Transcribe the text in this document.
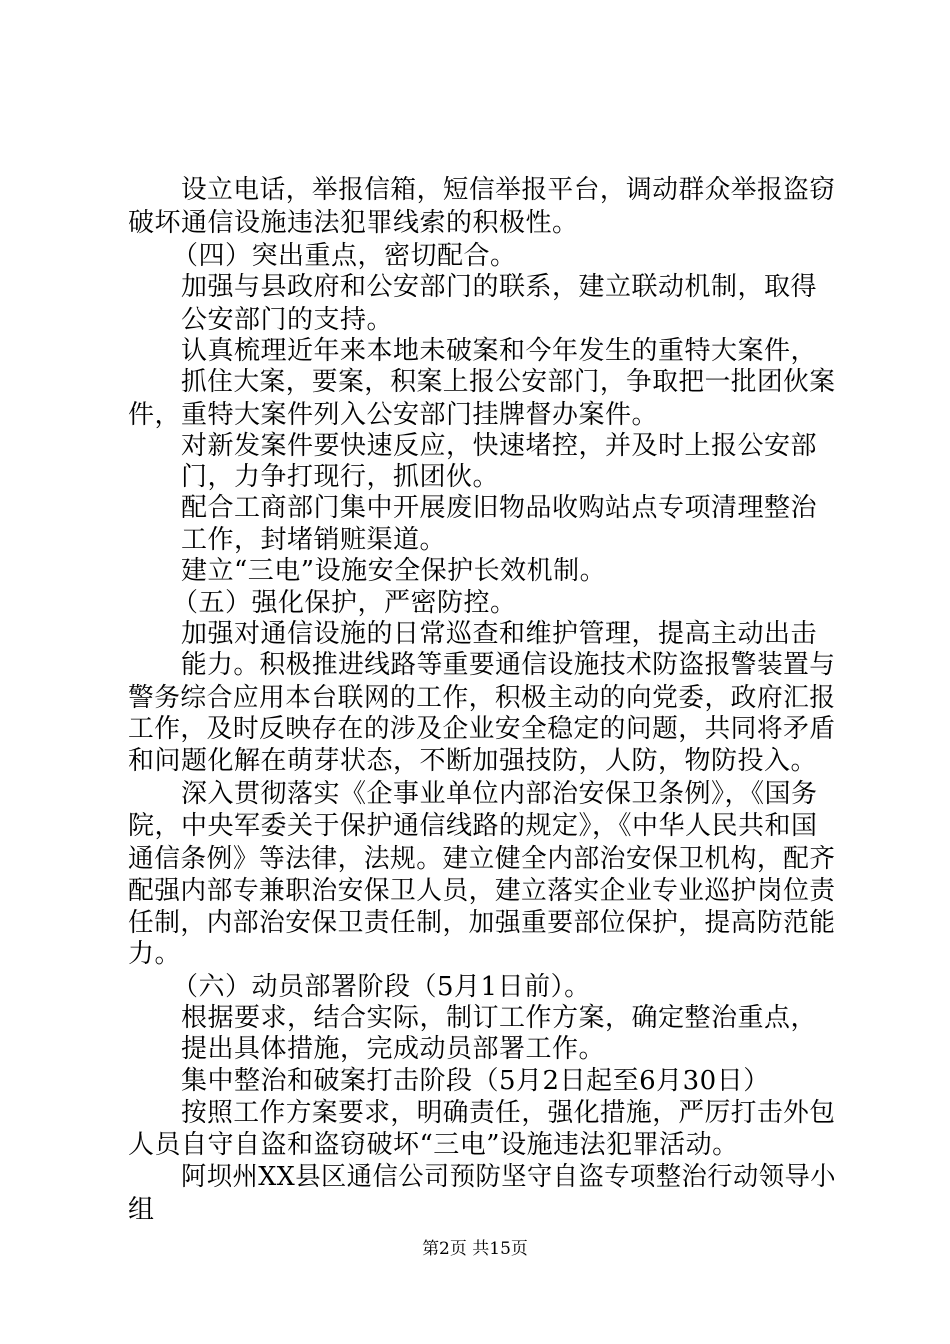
设立电话，举报信箱，短信举报平台，调动群众举报盗窃
破坏通信设施违法犯罪线索的积极性。
（四）突出重点，密切配合。
加强与县政府和公安部门的联系，建立联动机制，取得
公安部门的支持。
认真梳理近年来本地未破案和今年发生的重特大案件，
抓住大案，要案，积案上报公安部门，争取把一批团伙案
件，重特大案件列入公安部门挂牌督办案件。
对新发案件要快速反应，快速堵控，并及时上报公安部
门，力争打现行，抓团伙。
配合工商部门集中开展废旧物品收购站点专项清理整治
工作，封堵销赃渠道。
建立“三电”设施安全保护长效机制。
（五）强化保护，严密防控。
加强对通信设施的日常巡查和维护管理，提高主动出击
能力。积极推进线路等重要通信设施技术防盗报警装置与
警务综合应用本台联网的工作，积极主动的向党委，政府汇报
工作，及时反映存在的涉及企业安全稳定的问题，共同将矛盾
和问题化解在萌芽状态，不断加强技防，人防，物防投入。
深入贯彻落实《企事业单位内部治安保卫条例》，《国务
院，中央军委关于保护通信线路的规定》，《中华人民共和国
通信条例》等法律，法规。建立健全内部治安保卫机构，配齐
配强内部专兼职治安保卫人员，建立落实企业专业巡护岗位责
任制，内部治安保卫责任制，加强重要部位保护，提高防范能
力。
（六）动员部署阶段（5月1日前）。
根据要求，结合实际，制订工作方案，确定整治重点，
提出具体措施，完成动员部署工作。
集中整治和破案打击阶段（5月2日起至6月30日）
按照工作方案要求，明确责任，强化措施，严厉打击外包
人员自守自盗和盗窃破坏“三电”设施违法犯罪活动。
阿坝州XX县区通信公司预防坚守自盗专项整治行动领导小
组
第2页 共15页
